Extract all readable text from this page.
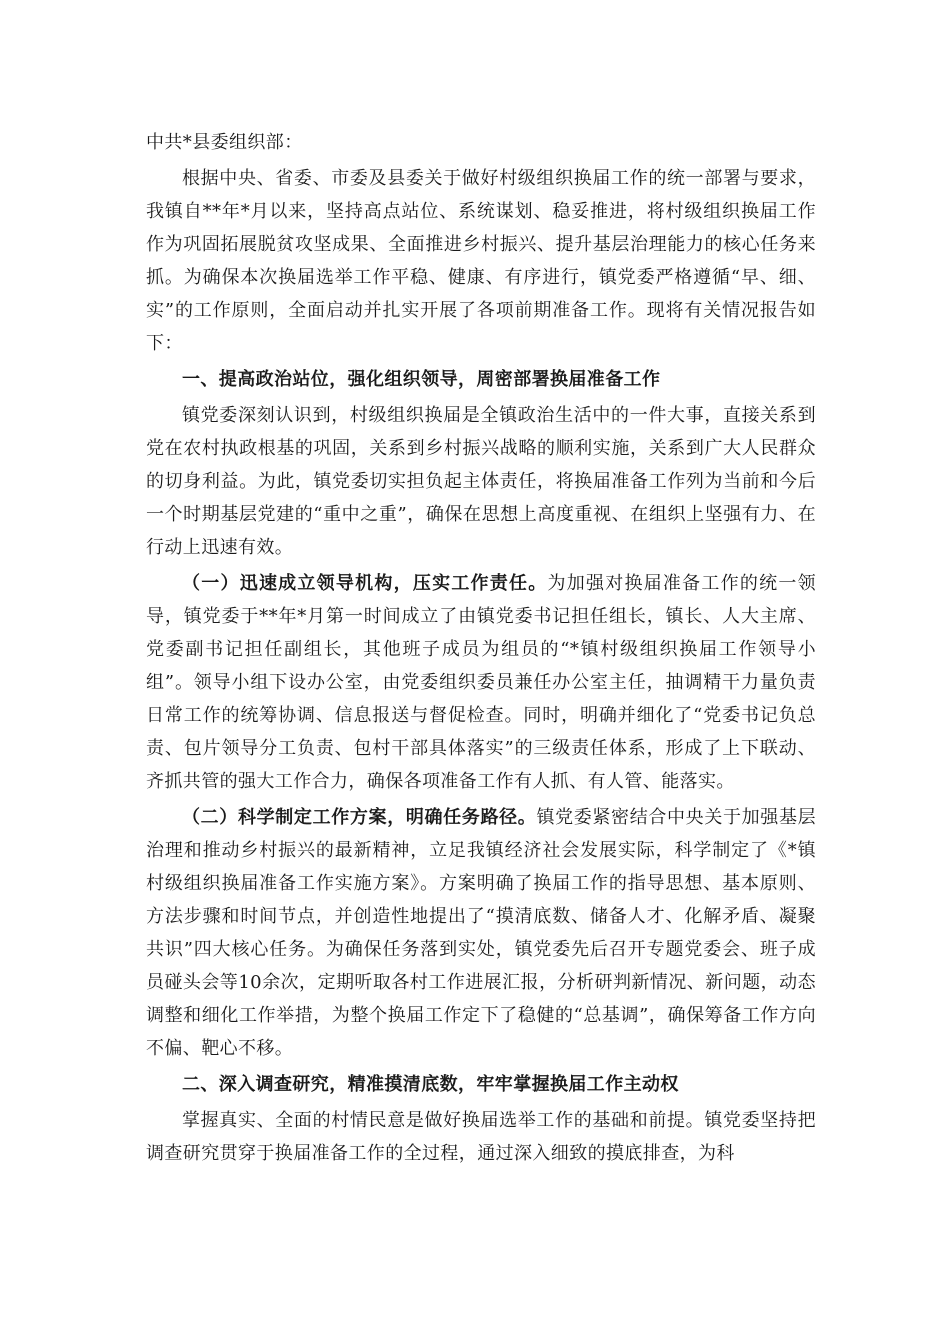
中共*县委组织部：

根据中央、省委、市委及县委关于做好村级组织换届工作的统一部署与要求，我镇自**年*月以来，坚持高点站位、系统谋划、稳妥推进，将村级组织换届工作作为巩固拓展脱贫攻坚成果、全面推进乡村振兴、提升基层治理能力的核心任务来抓。为确保本次换届选举工作平稳、健康、有序进行，镇党委严格遵循“早、细、实”的工作原则，全面启动并扎实开展了各项前期准备工作。现将有关情况报告如下：

一、提高政治站位，强化组织领导，周密部署换届准备工作

镇党委深刻认识到，村级组织换届是全镇政治生活中的一件大事，直接关系到党在农村执政根基的巩固，关系到乡村振兴战略的顺利实施，关系到广大人民群众的切身利益。为此，镇党委切实担负起主体责任，将换届准备工作列为当前和今后一个时期基层党建的“重中之重”，确保在思想上高度重视、在组织上坚强有力、在行动上迅速有效。

（一）迅速成立领导机构，压实工作责任。为加强对换届准备工作的统一领导，镇党委于**年*月第一时间成立了由镇党委书记担任组长，镇长、人大主席、党委副书记担任副组长，其他班子成员为组员的“*镇村级组织换届工作领导小组”。领导小组下设办公室，由党委组织委员兼任办公室主任，抽调精干力量负责日常工作的统筹协调、信息报送与督促检查。同时，明确并细化了“党委书记负总责、包片领导分工负责、包村干部具体落实”的三级责任体系，形成了上下联动、齐抓共管的强大工作合力，确保各项准备工作有人抓、有人管、能落实。

（二）科学制定工作方案，明确任务路径。镇党委紧密结合中央关于加强基层治理和推动乡村振兴的最新精神，立足我镇经济社会发展实际，科学制定了《*镇村级组织换届准备工作实施方案》。方案明确了换届工作的指导思想、基本原则、方法步骤和时间节点，并创造性地提出了“摸清底数、储备人才、化解矛盾、凝聚共识”四大核心任务。为确保任务落到实处，镇党委先后召开专题党委会、班子成员碰头会等10余次，定期听取各村工作进展汇报，分析研判新情况、新问题，动态调整和细化工作举措，为整个换届工作定下了稳健的“总基调”，确保筹备工作方向不偏、靶心不移。

二、深入调查研究，精准摸清底数，牢牢掌握换届工作主动权

掌握真实、全面的村情民意是做好换届选举工作的基础和前提。镇党委坚持把调查研究贯穿于换届准备工作的全过程，通过深入细致的摸底排查，为科
